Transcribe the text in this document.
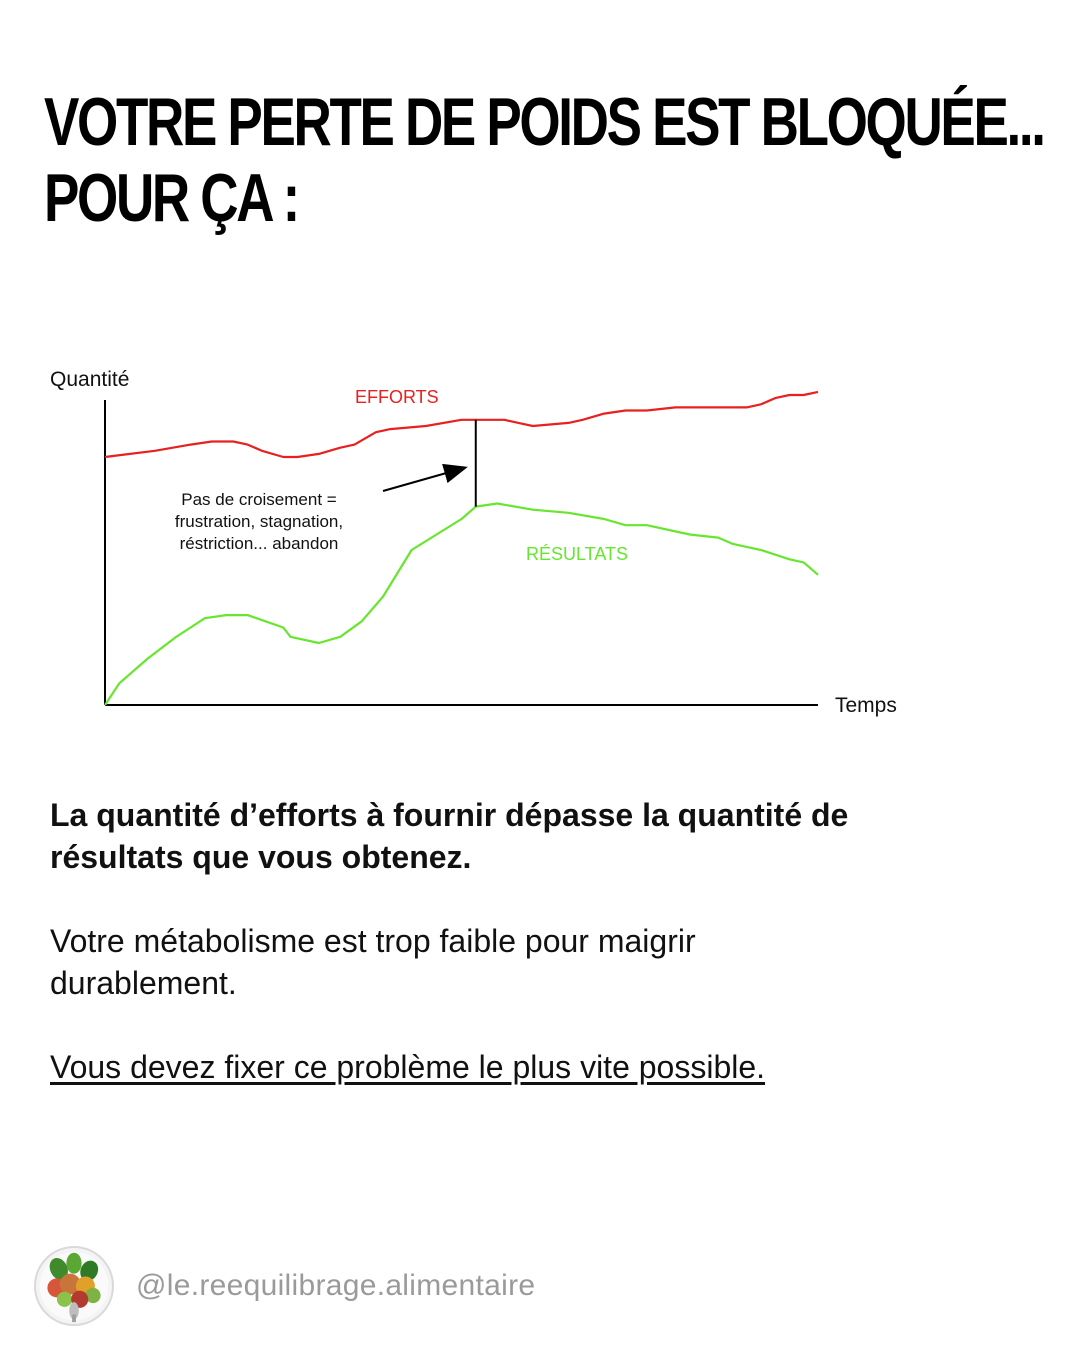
VOTRE PERTE DE POIDS EST BLOQUÉE...
POUR ÇA :
Quantité
Temps
EFFORTS
RÉSULTATS
Pas de croisement =
frustration, stagnation,
réstriction... abandon
La quantité d’efforts à fournir dépasse la quantité de
résultats que vous obtenez.
Votre métabolisme est trop faible pour maigrir
durablement.
Vous devez fixer ce problème le plus vite possible.
@le.reequilibrage.alimentaire
